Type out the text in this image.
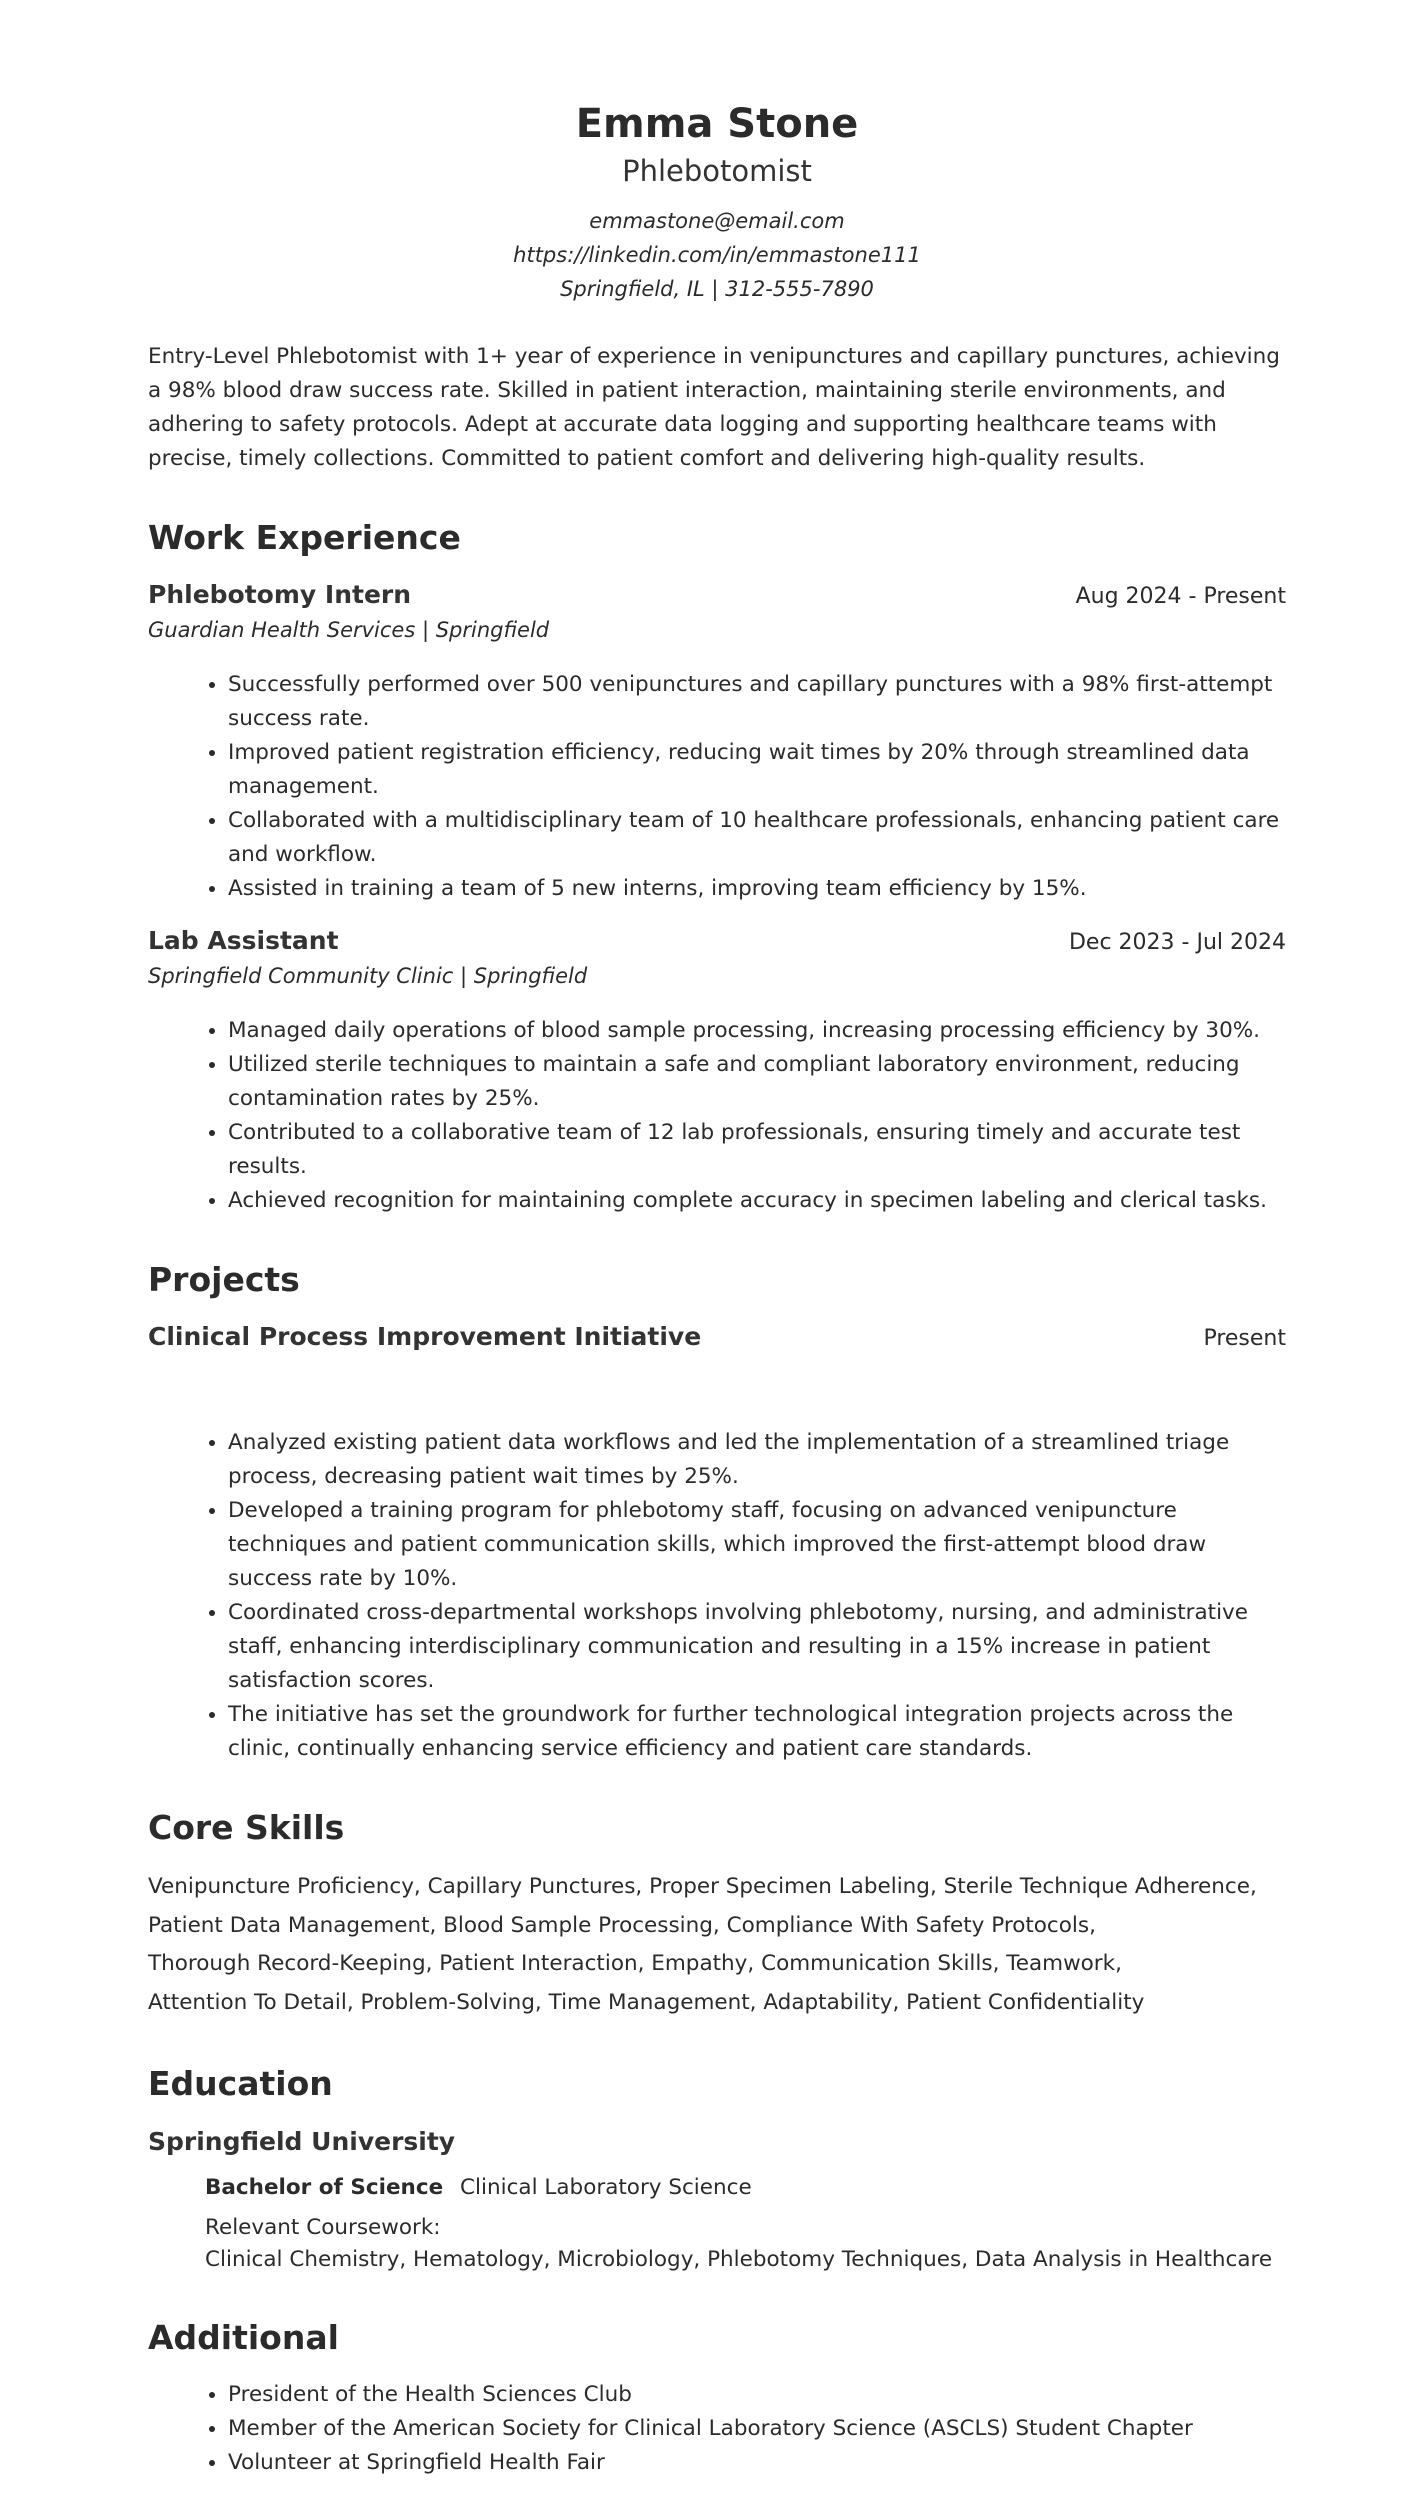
Emma Stone
Phlebotomist
emmastone@email.com
https://linkedin.com/in/emmastone111
Springfield, IL | 312-555-7890

Entry-Level Phlebotomist with 1+ year of experience in venipunctures and capillary punctures, achieving a 98% blood draw success rate. Skilled in patient interaction, maintaining sterile environments, and adhering to safety protocols. Adept at accurate data logging and supporting healthcare teams with precise, timely collections. Committed to patient comfort and delivering high-quality results.

Work Experience
Phlebotomy Intern	Aug 2024 - Present
Guardian Health Services | Springfield
• Successfully performed over 500 venipunctures and capillary punctures with a 98% first-attempt success rate.
• Improved patient registration efficiency, reducing wait times by 20% through streamlined data management.
• Collaborated with a multidisciplinary team of 10 healthcare professionals, enhancing patient care and workflow.
• Assisted in training a team of 5 new interns, improving team efficiency by 15%.
Lab Assistant	Dec 2023 - Jul 2024
Springfield Community Clinic | Springfield
• Managed daily operations of blood sample processing, increasing processing efficiency by 30%.
• Utilized sterile techniques to maintain a safe and compliant laboratory environment, reducing contamination rates by 25%.
• Contributed to a collaborative team of 12 lab professionals, ensuring timely and accurate test results.
• Achieved recognition for maintaining complete accuracy in specimen labeling and clerical tasks.
Projects
Clinical Process Improvement Initiative	Present
• Analyzed existing patient data workflows and led the implementation of a streamlined triage process, decreasing patient wait times by 25%.
• Developed a training program for phlebotomy staff, focusing on advanced venipuncture techniques and patient communication skills, which improved the first-attempt blood draw success rate by 10%.
• Coordinated cross-departmental workshops involving phlebotomy, nursing, and administrative staff, enhancing interdisciplinary communication and resulting in a 15% increase in patient satisfaction scores.
• The initiative has set the groundwork for further technological integration projects across the clinic, continually enhancing service efficiency and patient care standards.
Core Skills
Venipuncture Proficiency, Capillary Punctures, Proper Specimen Labeling, Sterile Technique Adherence,
Patient Data Management, Blood Sample Processing, Compliance With Safety Protocols,
Thorough Record-Keeping, Patient Interaction, Empathy, Communication Skills, Teamwork,
Attention To Detail, Problem-Solving, Time Management, Adaptability, Patient Confidentiality
Education
Springfield University
Bachelor of Science Clinical Laboratory Science
Relevant Coursework:
Clinical Chemistry, Hematology, Microbiology, Phlebotomy Techniques, Data Analysis in Healthcare
Additional
• President of the Health Sciences Club
• Member of the American Society for Clinical Laboratory Science (ASCLS) Student Chapter
• Volunteer at Springfield Health Fair
